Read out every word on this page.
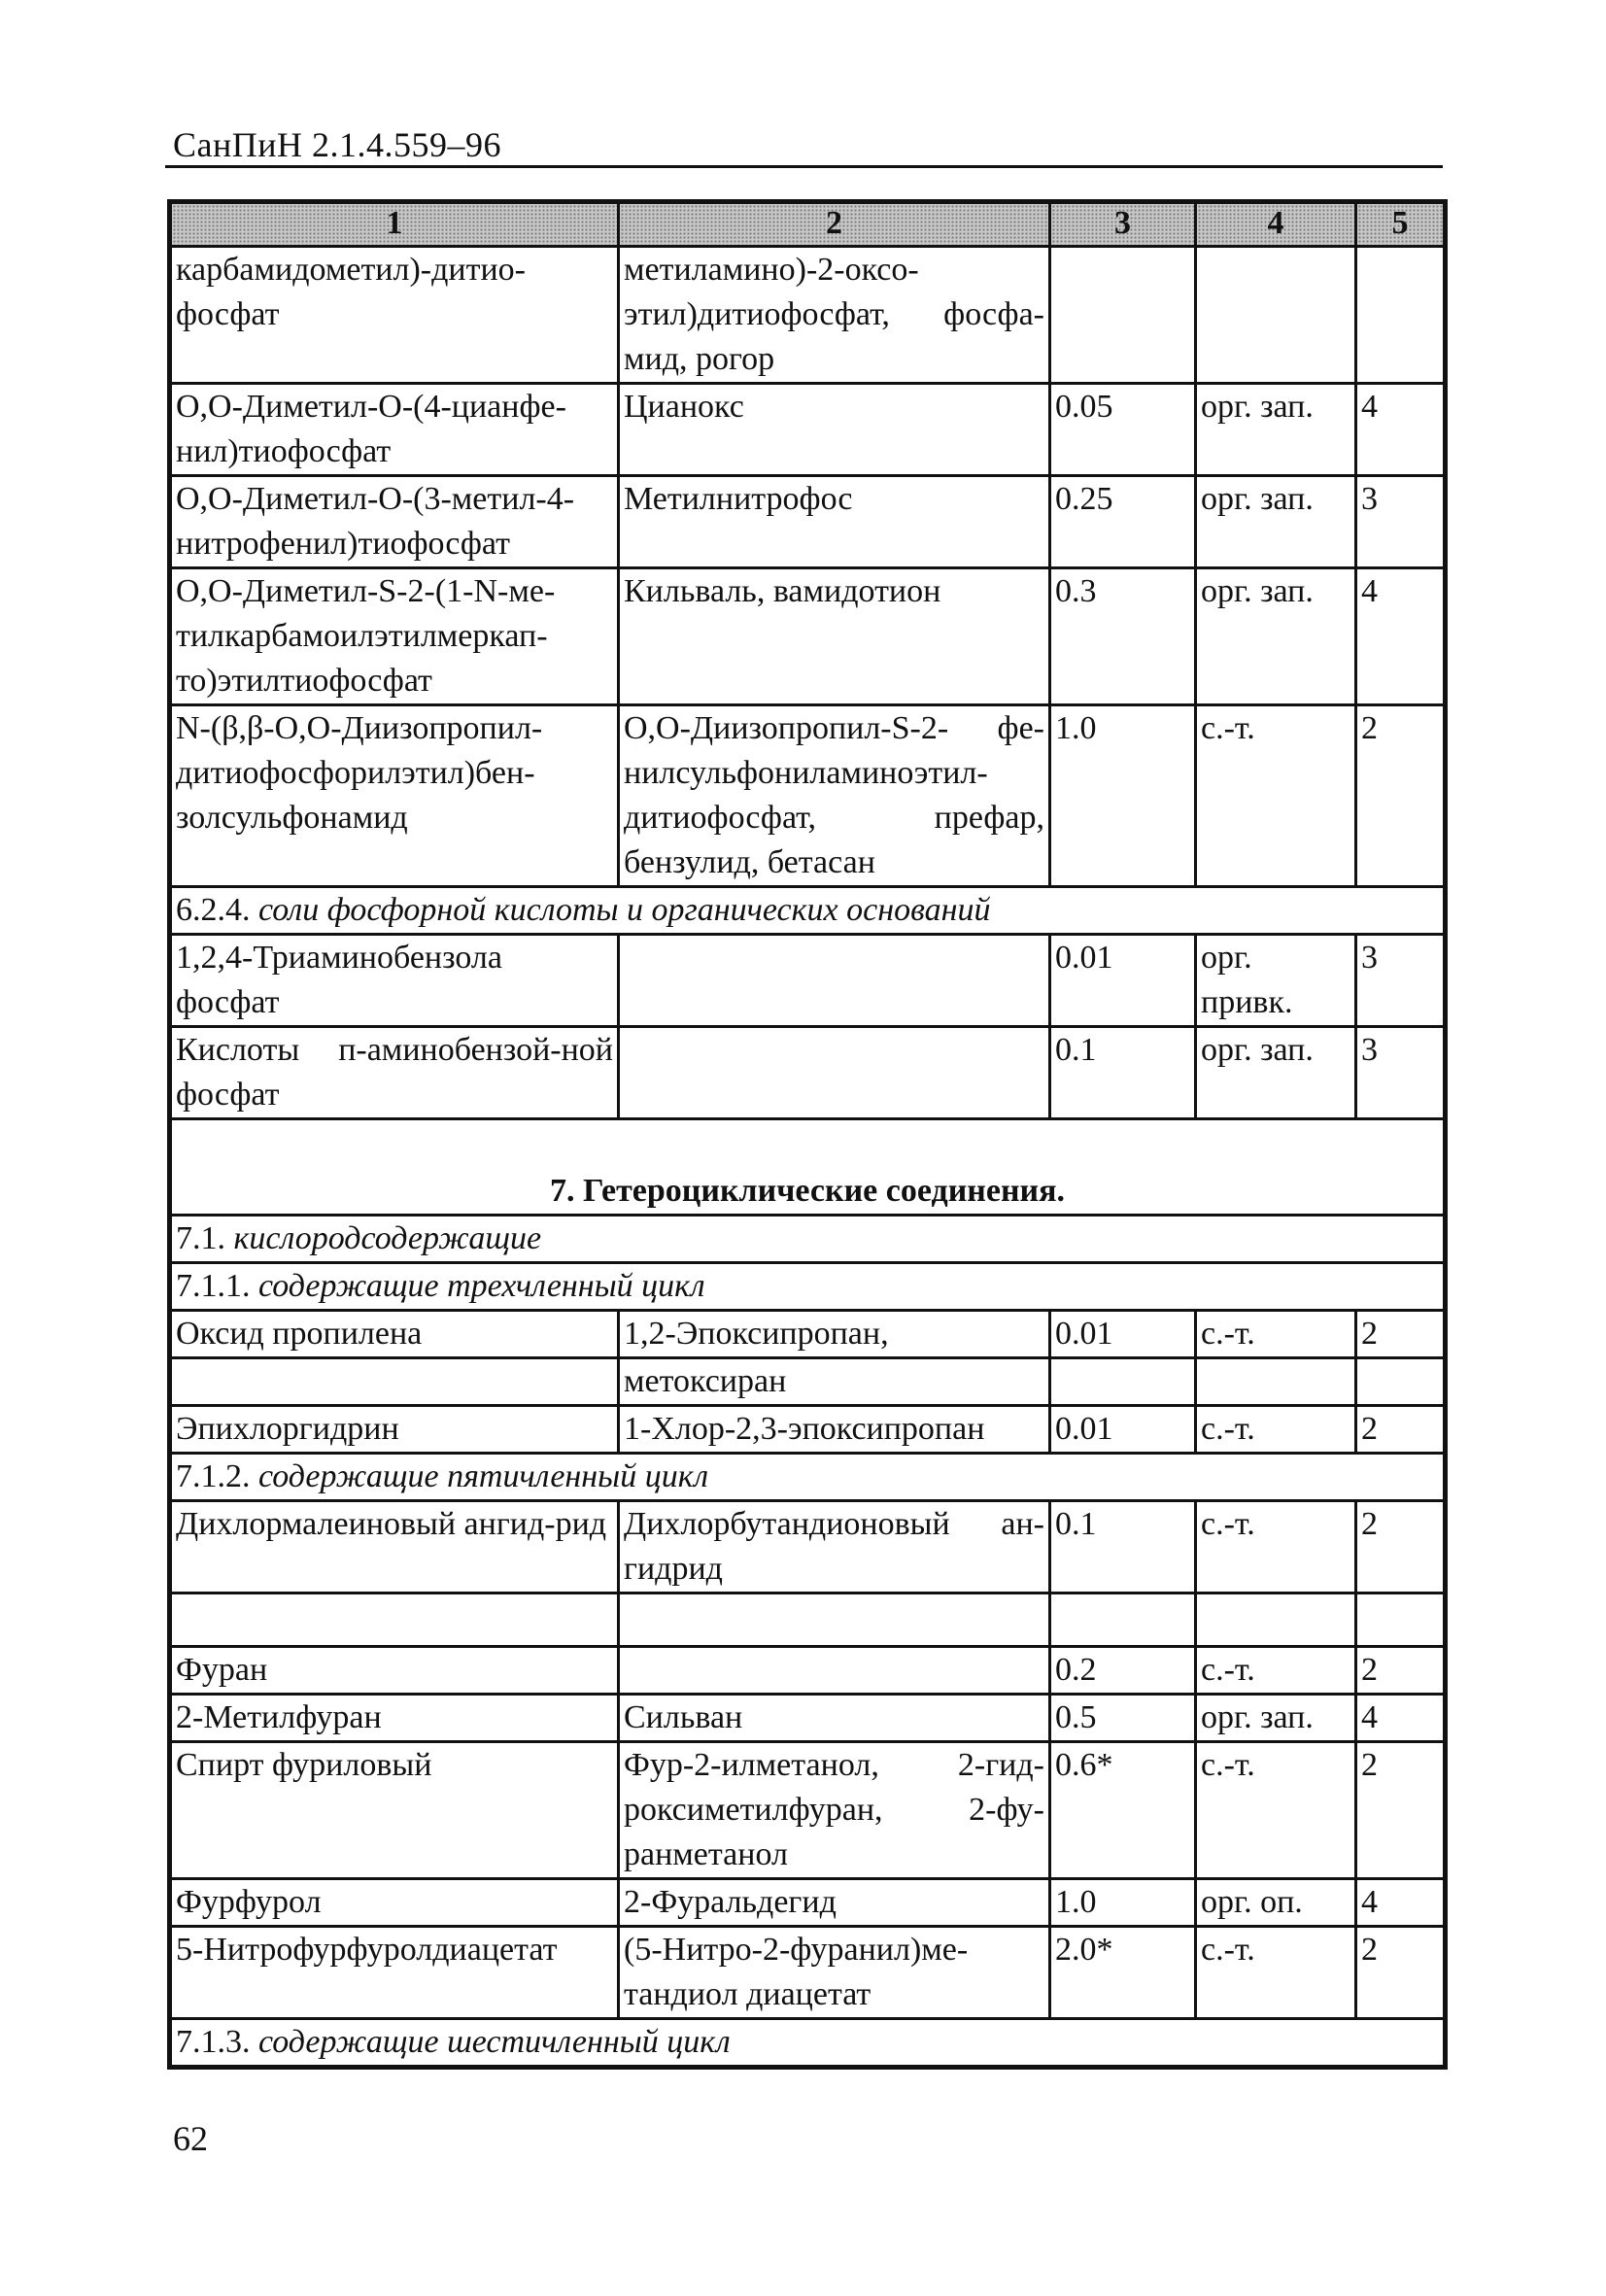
СанПиН 2.1.4.559–96
1	2	3	4	5
карбамидометил)-дитио-фосфат	метиламино)-2-оксо-этил)дитиофосфат, фосфа-мид, рогор			
О,О-Диметил-О-(4-цианфе-нил)тиофосфат	Цианокс	0.05	орг. зап.	4
О,О-Диметил-О-(3-метил-4-нитрофенил)тиофосфат	Метилнитрофос	0.25	орг. зап.	3
О,О-Диметил-S-2-(1-N-ме-тилкарбамоилэтилмеркап-то)этилтиофосфат	Кильваль, вамидотион	0.3	орг. зап.	4
N-(β,β-О,О-Диизопропил-дитиофосфорилэтил)бен-золсульфонамид	О,О-Диизопропил-S-2- фе-нилсульфониламиноэтил-дитиофосфат, префар, бензулид, бетасан	1.0	с.-т.	2
6.2.4. соли фосфорной кислоты и органических оснований				
1,2,4-Триаминобензола фосфат		0.01	орг. привк.	3
Кислоты п-аминобензой-ной фосфат		0.1	орг. зап.	3
7. Гетероциклические соединения.				
7.1. кислородсодержащие				
7.1.1. содержащие трехчленный цикл				
Оксид пропилена	1,2-Эпоксипропан,	0.01	с.-т.	2
	метоксиран			
Эпихлоргидрин	1-Хлор-2,3-эпоксипропан	0.01	с.-т.	2
7.1.2. содержащие пятичленный цикл				
Дихлормалеиновый ангид-рид	Дихлорбутандионовый ан-гидрид	0.1	с.-т.	2

Фуран		0.2	с.-т.	2
2-Метилфуран	Сильван	0.5	орг. зап.	4
Спирт фуриловый	Фур-2-илметанол, 2-гид-роксиметилфуран, 2-фу-ранметанол	0.6*	с.-т.	2
Фурфурол	2-Фуральдегид	1.0	орг. оп.	4
5-Нитрофурфуролдиацетат	(5-Нитро-2-фуранил)ме-тандиол диацетат	2.0*	с.-т.	2
7.1.3. содержащие шестичленный цикл				
62
